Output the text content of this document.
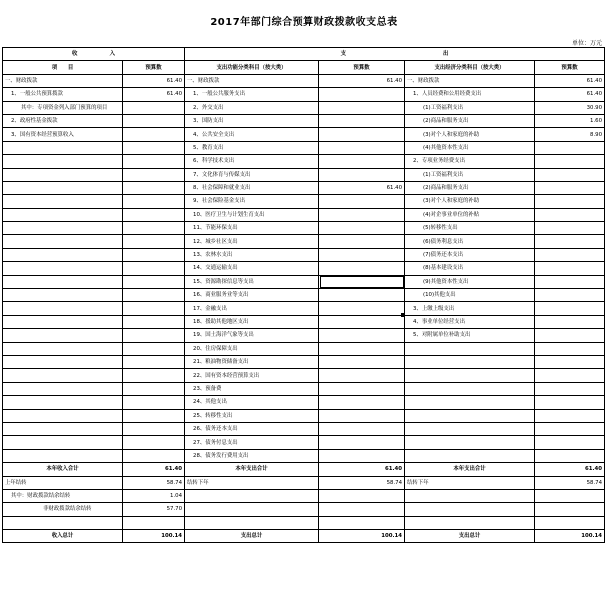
2017年部门综合预算财政拨款收支总表
单位：万元
收　　　　　　入		支　　　　　　　　　　　　　　　　　　出			
项　　目	预算数	支出功能分类科目（按大类）	预算数	支出经济分类科目（按大类）	预算数
一、财政拨款	61.40	一、财政拨款	61.40	一、财政拨款	61.40
1、一般公共预算拨款	61.40	1、一般公共服务支出		1、人员经费和公用经费支出	61.40
其中：专项资金列入部门预算的项目		2、外交支出		(1)工资福利支出	30.90
2、政府性基金拨款		3、国防支出		(2)商品和服务支出	1.60
3、国有资本经营预算收入		4、公共安全支出		(3)对个人和家庭的补助	8.90
		5、教育支出		(4)其他资本性支出	
		6、科学技术支出		2、专项业务经费支出	
		7、文化体育与传媒支出		(1)工资福利支出	
		8、社会保障和就业支出	61.40	(2)商品和服务支出	
		9、社会保险基金支出		(3)对个人和家庭的补助	
		10、医疗卫生与计划生育支出		(4)对企事业单位的补贴	
		11、节能环保支出		(5)转移性支出	
		12、城乡社区支出		(6)债务利息支出	
		13、农林水支出		(7)债务还本支出	
		14、交通运输支出		(8)基本建设支出	
		15、资源勘探信息等支出		(9)其他资本性支出	
		16、商业服务业等支出		(10)其他支出	
		17、金融支出		3、上缴上级支出	
		18、援助其他地区支出		4、事业单位经营支出	
		19、国土海洋气象等支出		5、对附属单位补助支出	
		20、住房保障支出			
		21、粮油物资储备支出			
		22、国有资本经营预算支出			
		23、预备费			
		24、其他支出			
		25、转移性支出			
		26、债务还本支出			
		27、债务付息支出			
		28、债务发行费用支出			
本年收入合计	61.40	本年支出合计	61.40	本年支出合计	61.40
上年结转	58.74	结转下年	58.74	结转下年	58.74
其中：财政拨款结余结转	1.04				
非财政拨款结余结转	57.70				

收入总计	100.14	支出总计	100.14	支出总计	100.14
